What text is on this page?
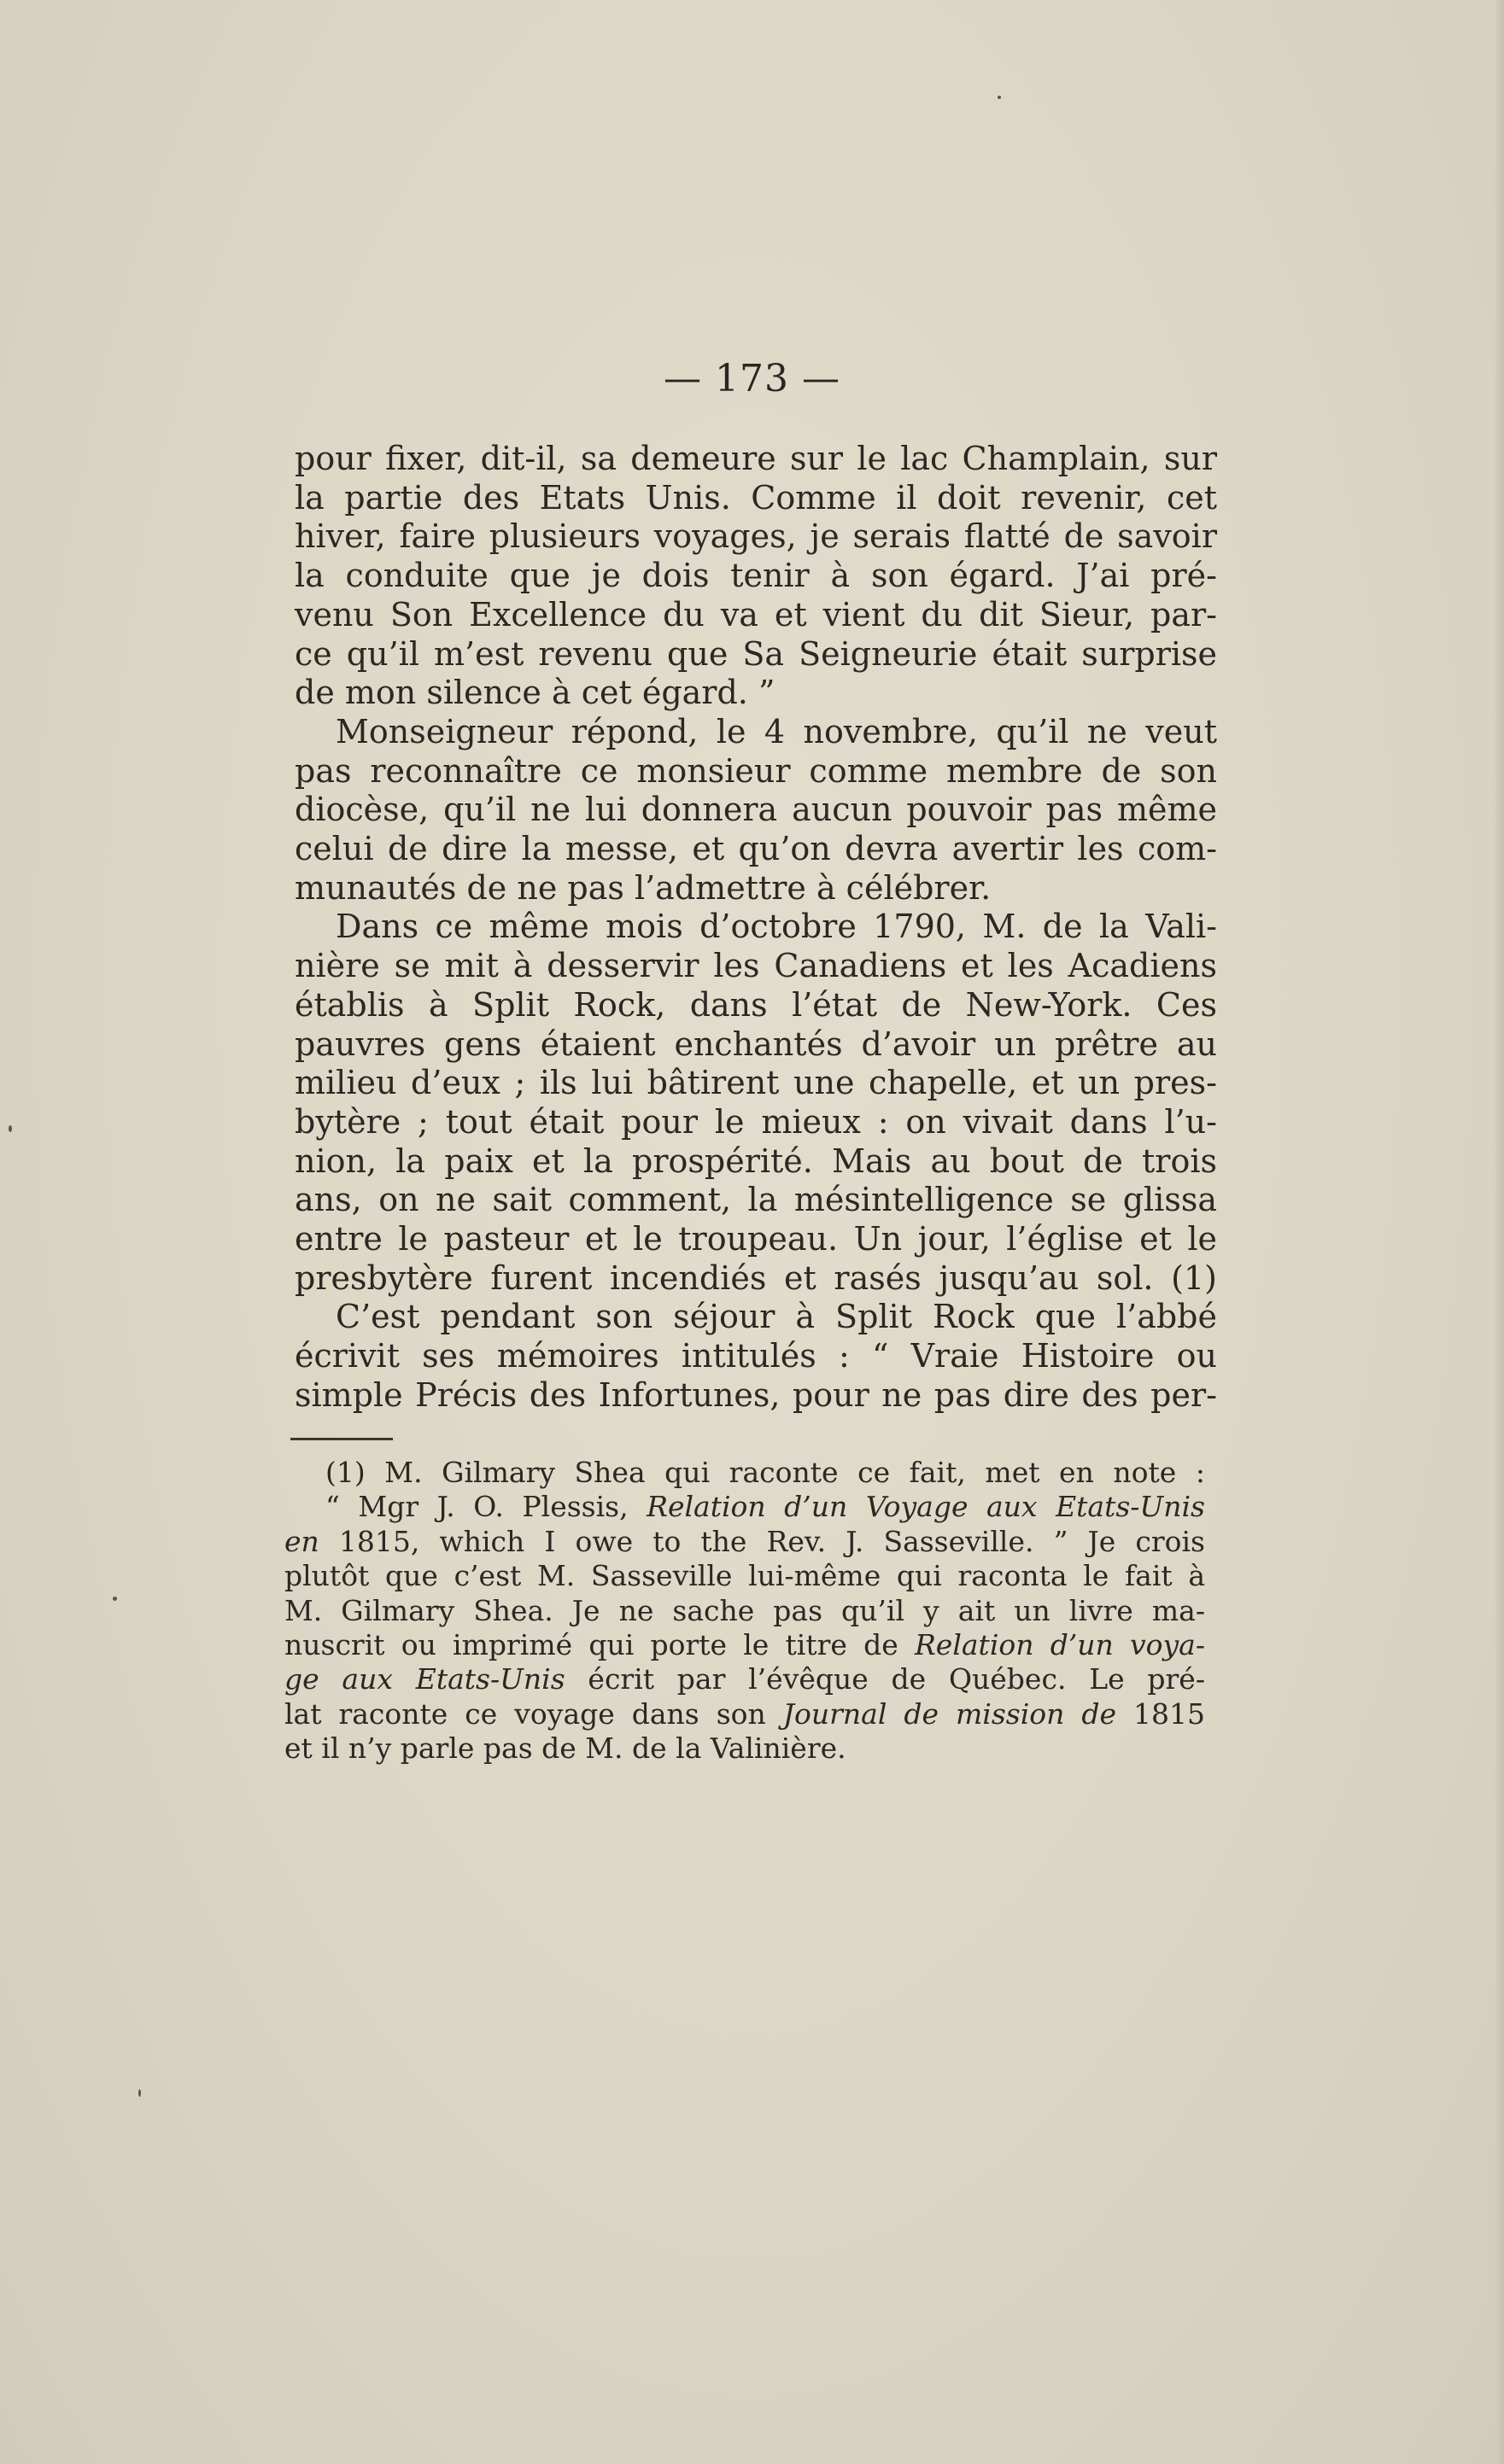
— 173 —

pour fixer, dit-il, sa demeure sur le lac Champlain, sur
la partie des Etats Unis. Comme il doit revenir, cet
hiver, faire plusieurs voyages, je serais flatté de savoir
la conduite que je dois tenir à son égard. J’ai pré-
venu Son Excellence du va et vient du dit Sieur, par-
ce qu’il m’est revenu que Sa Seigneurie était surprise
de mon silence à cet égard. ”
Monseigneur répond, le 4 novembre, qu’il ne veut
pas reconnaître ce monsieur comme membre de son
diocèse, qu’il ne lui donnera aucun pouvoir pas même
celui de dire la messe, et qu’on devra avertir les com-
munautés de ne pas l’admettre à célébrer.
Dans ce même mois d’octobre 1790, M. de la Vali-
nière se mit à desservir les Canadiens et les Acadiens
établis à Split Rock, dans l’état de New-York. Ces
pauvres gens étaient enchantés d’avoir un prêtre au
milieu d’eux ; ils lui bâtirent une chapelle, et un pres-
bytère ; tout était pour le mieux : on vivait dans l’u-
nion, la paix et la prospérité. Mais au bout de trois
ans, on ne sait comment, la mésintelligence se glissa
entre le pasteur et le troupeau. Un jour, l’église et le
presbytère furent incendiés et rasés jusqu’au sol. (1)
C’est pendant son séjour à Split Rock que l’abbé
écrivit ses mémoires intitulés : “ Vraie Histoire ou
simple Précis des Infortunes, pour ne pas dire des per-

(1) M. Gilmary Shea qui raconte ce fait, met en note :
“ Mgr J. O. Plessis, Relation d’un Voyage aux Etats-Unis
en 1815, which I owe to the Rev. J. Sasseville. ” Je crois
plutôt que c’est M. Sasseville lui-même qui raconta le fait à
M. Gilmary Shea. Je ne sache pas qu’il y ait un livre ma-
nuscrit ou imprimé qui porte le titre de Relation d’un voya-
ge aux Etats-Unis écrit par l’évêque de Québec. Le pré-
lat raconte ce voyage dans son Journal de mission de 1815
et il n’y parle pas de M. de la Valinière.
